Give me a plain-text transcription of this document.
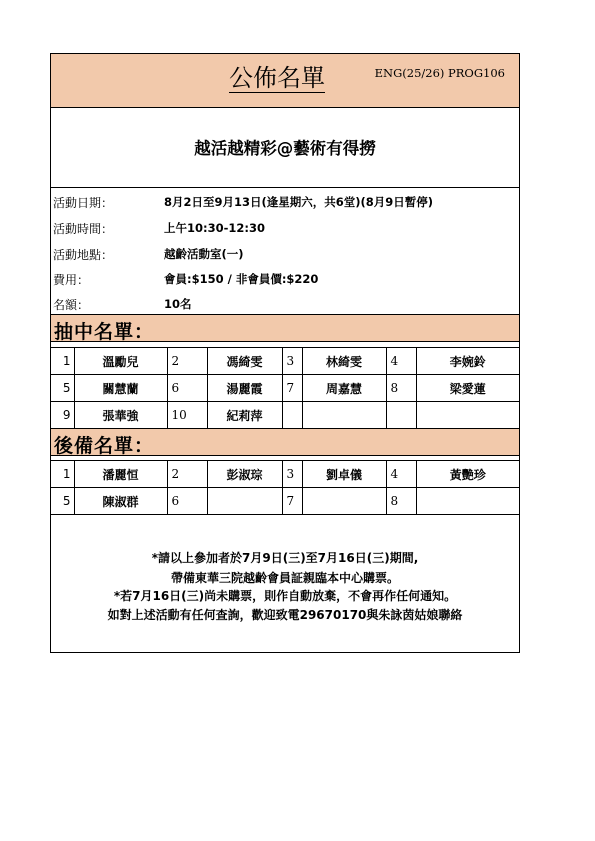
公佈名單	ENG(25/26) PROG106
越活越精彩@藝術有得撈
活動日期：	8月2日至9月13日(逢星期六，共6堂)(8月9日暫停)
活動時間：	上午10:30-12:30
活動地點：	越齡活動室(一)
費用：	會員:$150 / 非會員價:$220
名額：	10名
抽中名單：
1	溫勵兒	2	馮綺雯	3	林綺雯	4	李婉鈴
5	關慧蘭	6	湯麗霞	7	周嘉慧	8	梁愛蓮
9	張華強	10	紀莉萍				
後備名單：
1	潘麗恒	2	彭淑琮	3	劉卓儀	4	黃艷珍
5	陳淑群	6		7		8	
*請以上參加者於7月9日(三)至7月16日(三)期間,
帶備東華三院越齡會員証親臨本中心購票。
*若7月16日(三)尚未購票，則作自動放棄，不會再作任何通知。
如對上述活動有任何查詢，歡迎致電29670170與朱詠茵姑娘聯絡
